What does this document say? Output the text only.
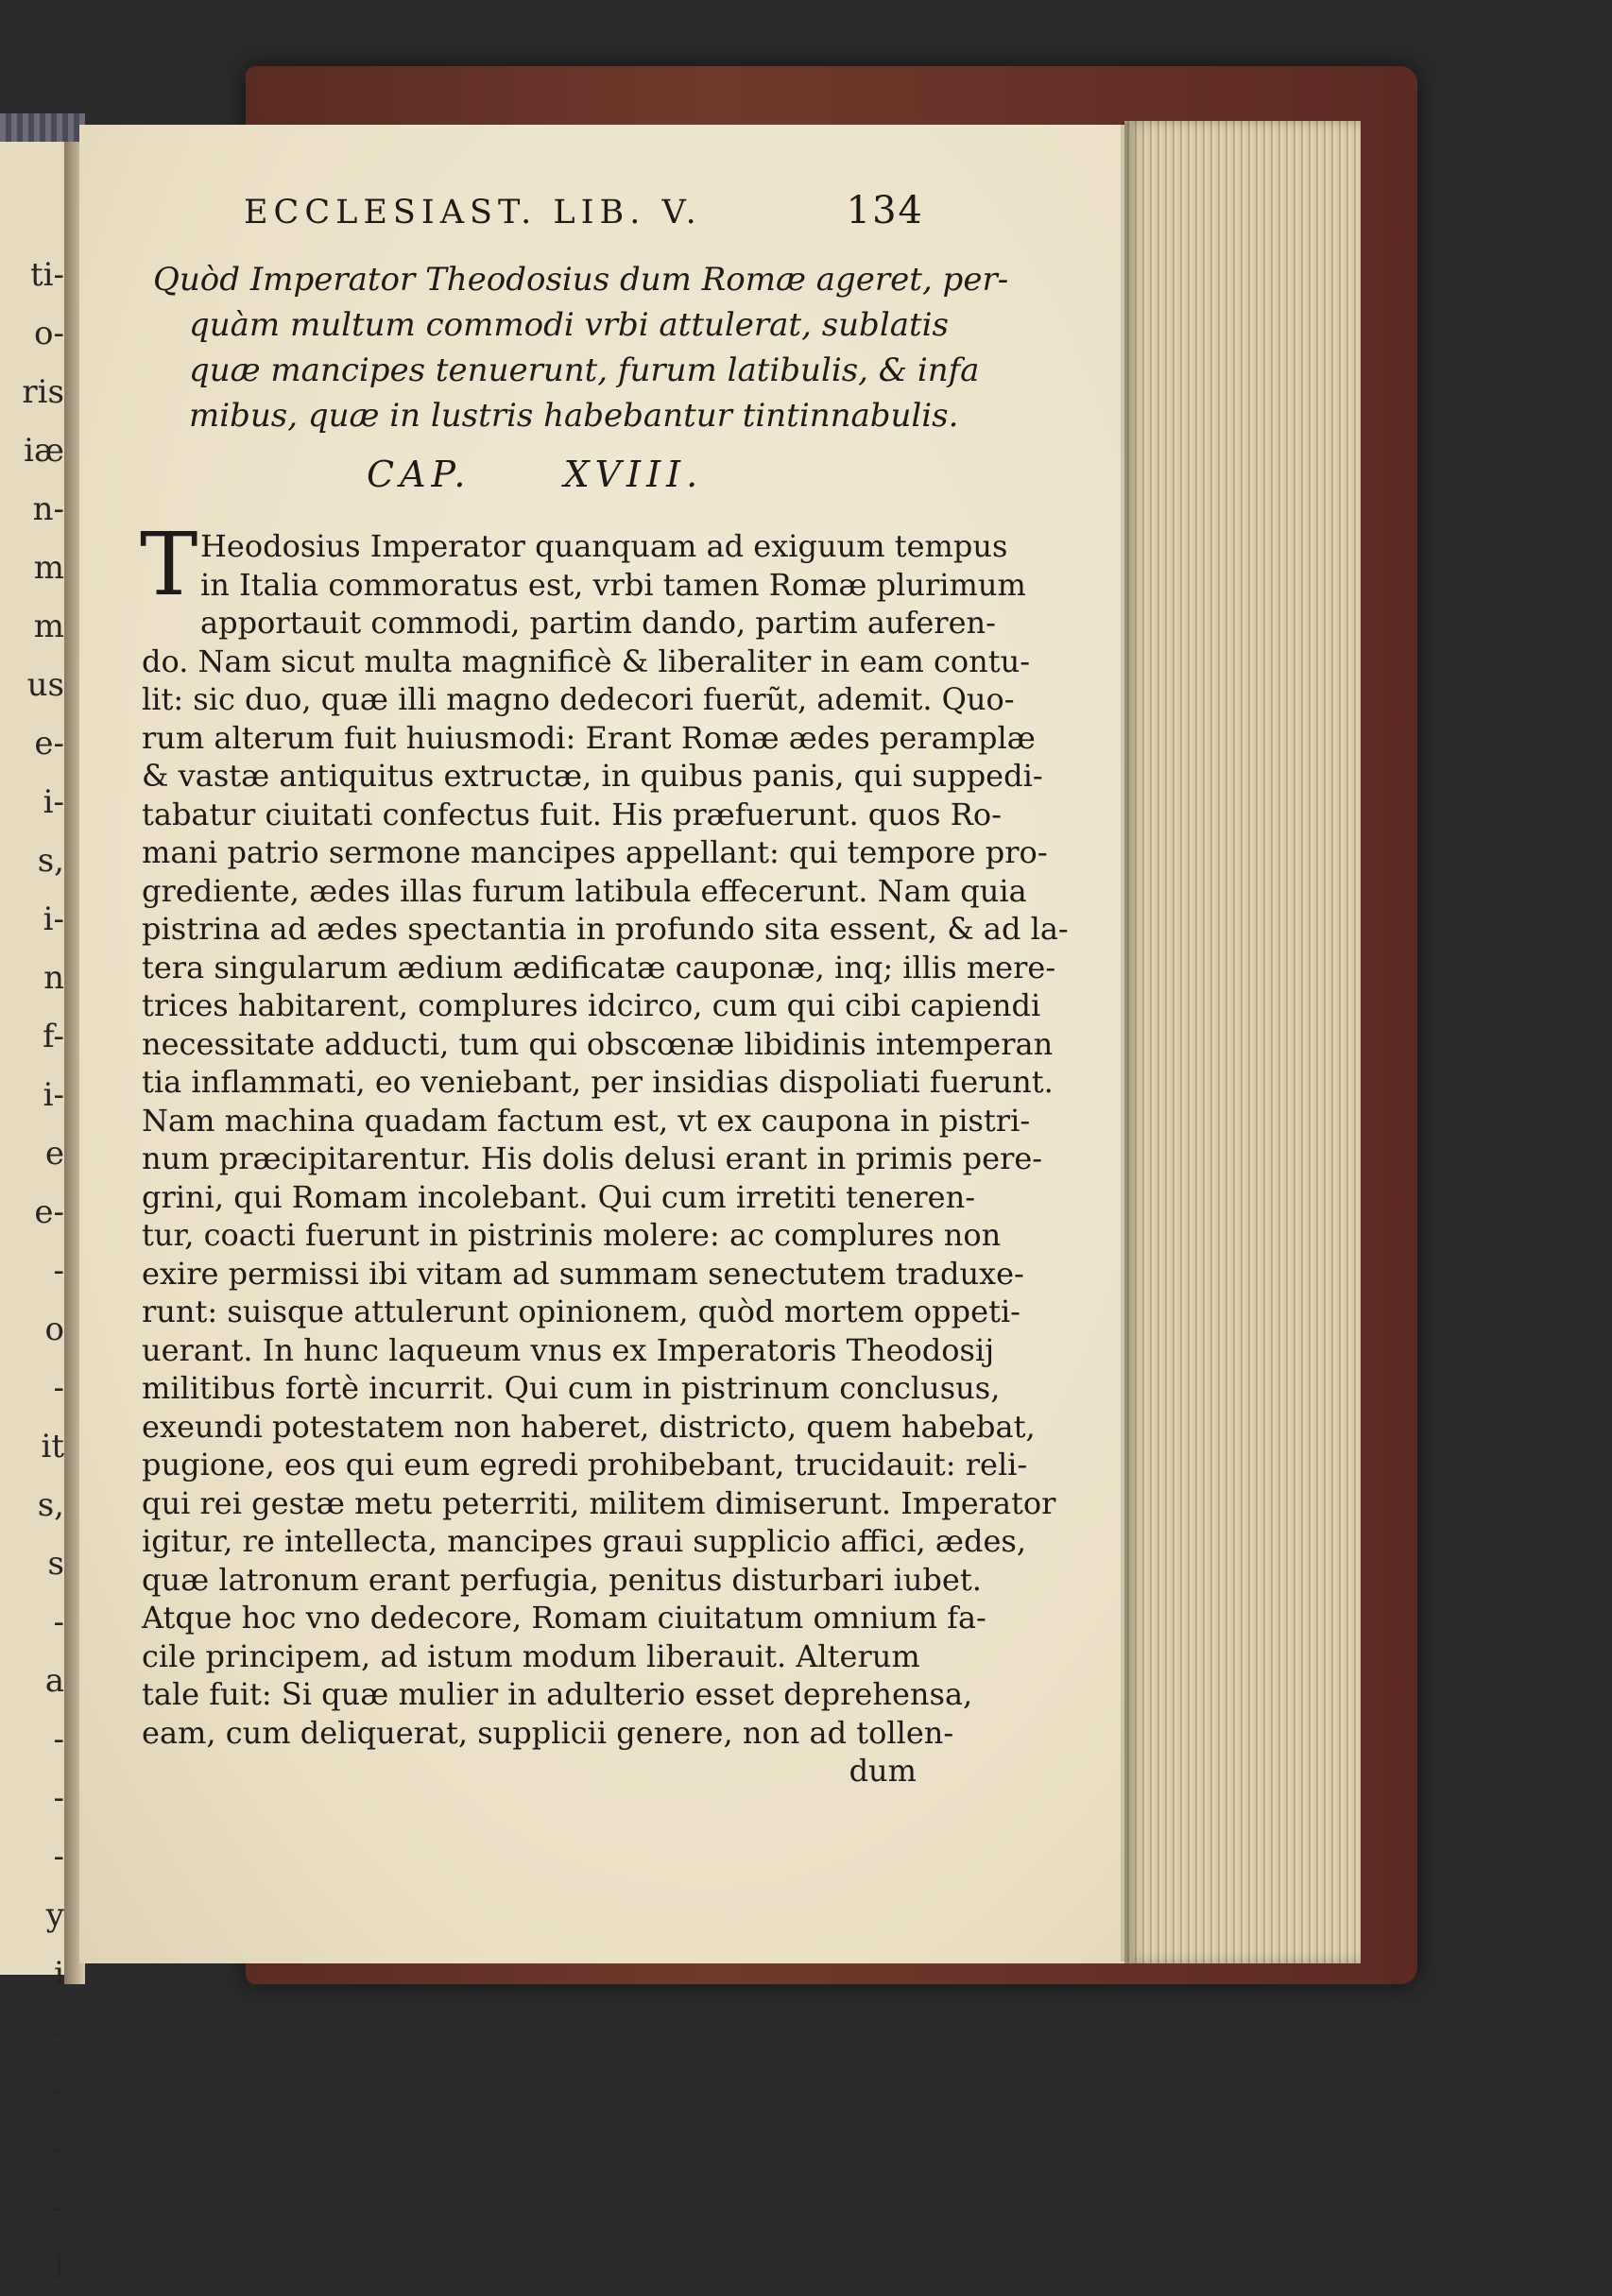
ti-
o-
ris
iæ
n-
m
m
us
e-
i-
s,
i-
n
f-
i-
e
e-
-
o
-
it
s,
s
-
a
-
-
-
y
i
-
-
-
-
l
ECCLESIAST. LIB. V.	134
Quòd Imperator Theodosius dum Romæ ageret, per-
quàm multum commodi vrbi attulerat, sublatis
quæ mancipes tenuerunt, furum latibulis, & infa
mibus, quæ in lustris habebantur tintinnabulis.
CAP.	XVIII.
T Heodosius Imperator quanquam ad exiguum tempus
in Italia commoratus est, vrbi tamen Romæ plurimum
apportauit commodi, partim dando, partim auferen-
do. Nam sicut multa magnificè & liberaliter in eam contu-
lit: sic duo, quæ illi magno dedecori fuerũt, ademit. Quo-
rum alterum fuit huiusmodi: Erant Romæ ædes peramplæ
& vastæ antiquitus extructæ, in quibus panis, qui suppedi-
tabatur ciuitati confectus fuit. His præfuerunt. quos Ro-
mani patrio sermone mancipes appellant: qui tempore pro-
grediente, ædes illas furum latibula effecerunt. Nam quia
pistrina ad ædes spectantia in profundo sita essent, & ad la-
tera singularum ædium ædificatæ cauponæ, inq; illis mere-
trices habitarent, complures idcirco, cum qui cibi capiendi
necessitate adducti, tum qui obscœnæ libidinis intemperan
tia inflammati, eo veniebant, per insidias dispoliati fuerunt.
Nam machina quadam factum est, vt ex caupona in pistri-
num præcipitarentur. His dolis delusi erant in primis pere-
grini, qui Romam incolebant. Qui cum irretiti teneren-
tur, coacti fuerunt in pistrinis molere: ac complures non
exire permissi ibi vitam ad summam senectutem traduxe-
runt: suisque attulerunt opinionem, quòd mortem oppeti-
uerant. In hunc laqueum vnus ex Imperatoris Theodosij
militibus fortè incurrit. Qui cum in pistrinum conclusus,
exeundi potestatem non haberet, districto, quem habebat,
pugione, eos qui eum egredi prohibebant, trucidauit: reli-
qui rei gestæ metu peterriti, militem dimiserunt. Imperator
igitur, re intellecta, mancipes graui supplicio affici, ædes,
quæ latronum erant perfugia, penitus disturbari iubet.
Atque hoc vno dedecore, Romam ciuitatum omnium fa-
cile principem, ad istum modum liberauit. Alterum
tale fuit: Si quæ mulier in adulterio esset deprehensa,
eam, cum deliquerat, supplicii genere, non ad tollen-
dum
